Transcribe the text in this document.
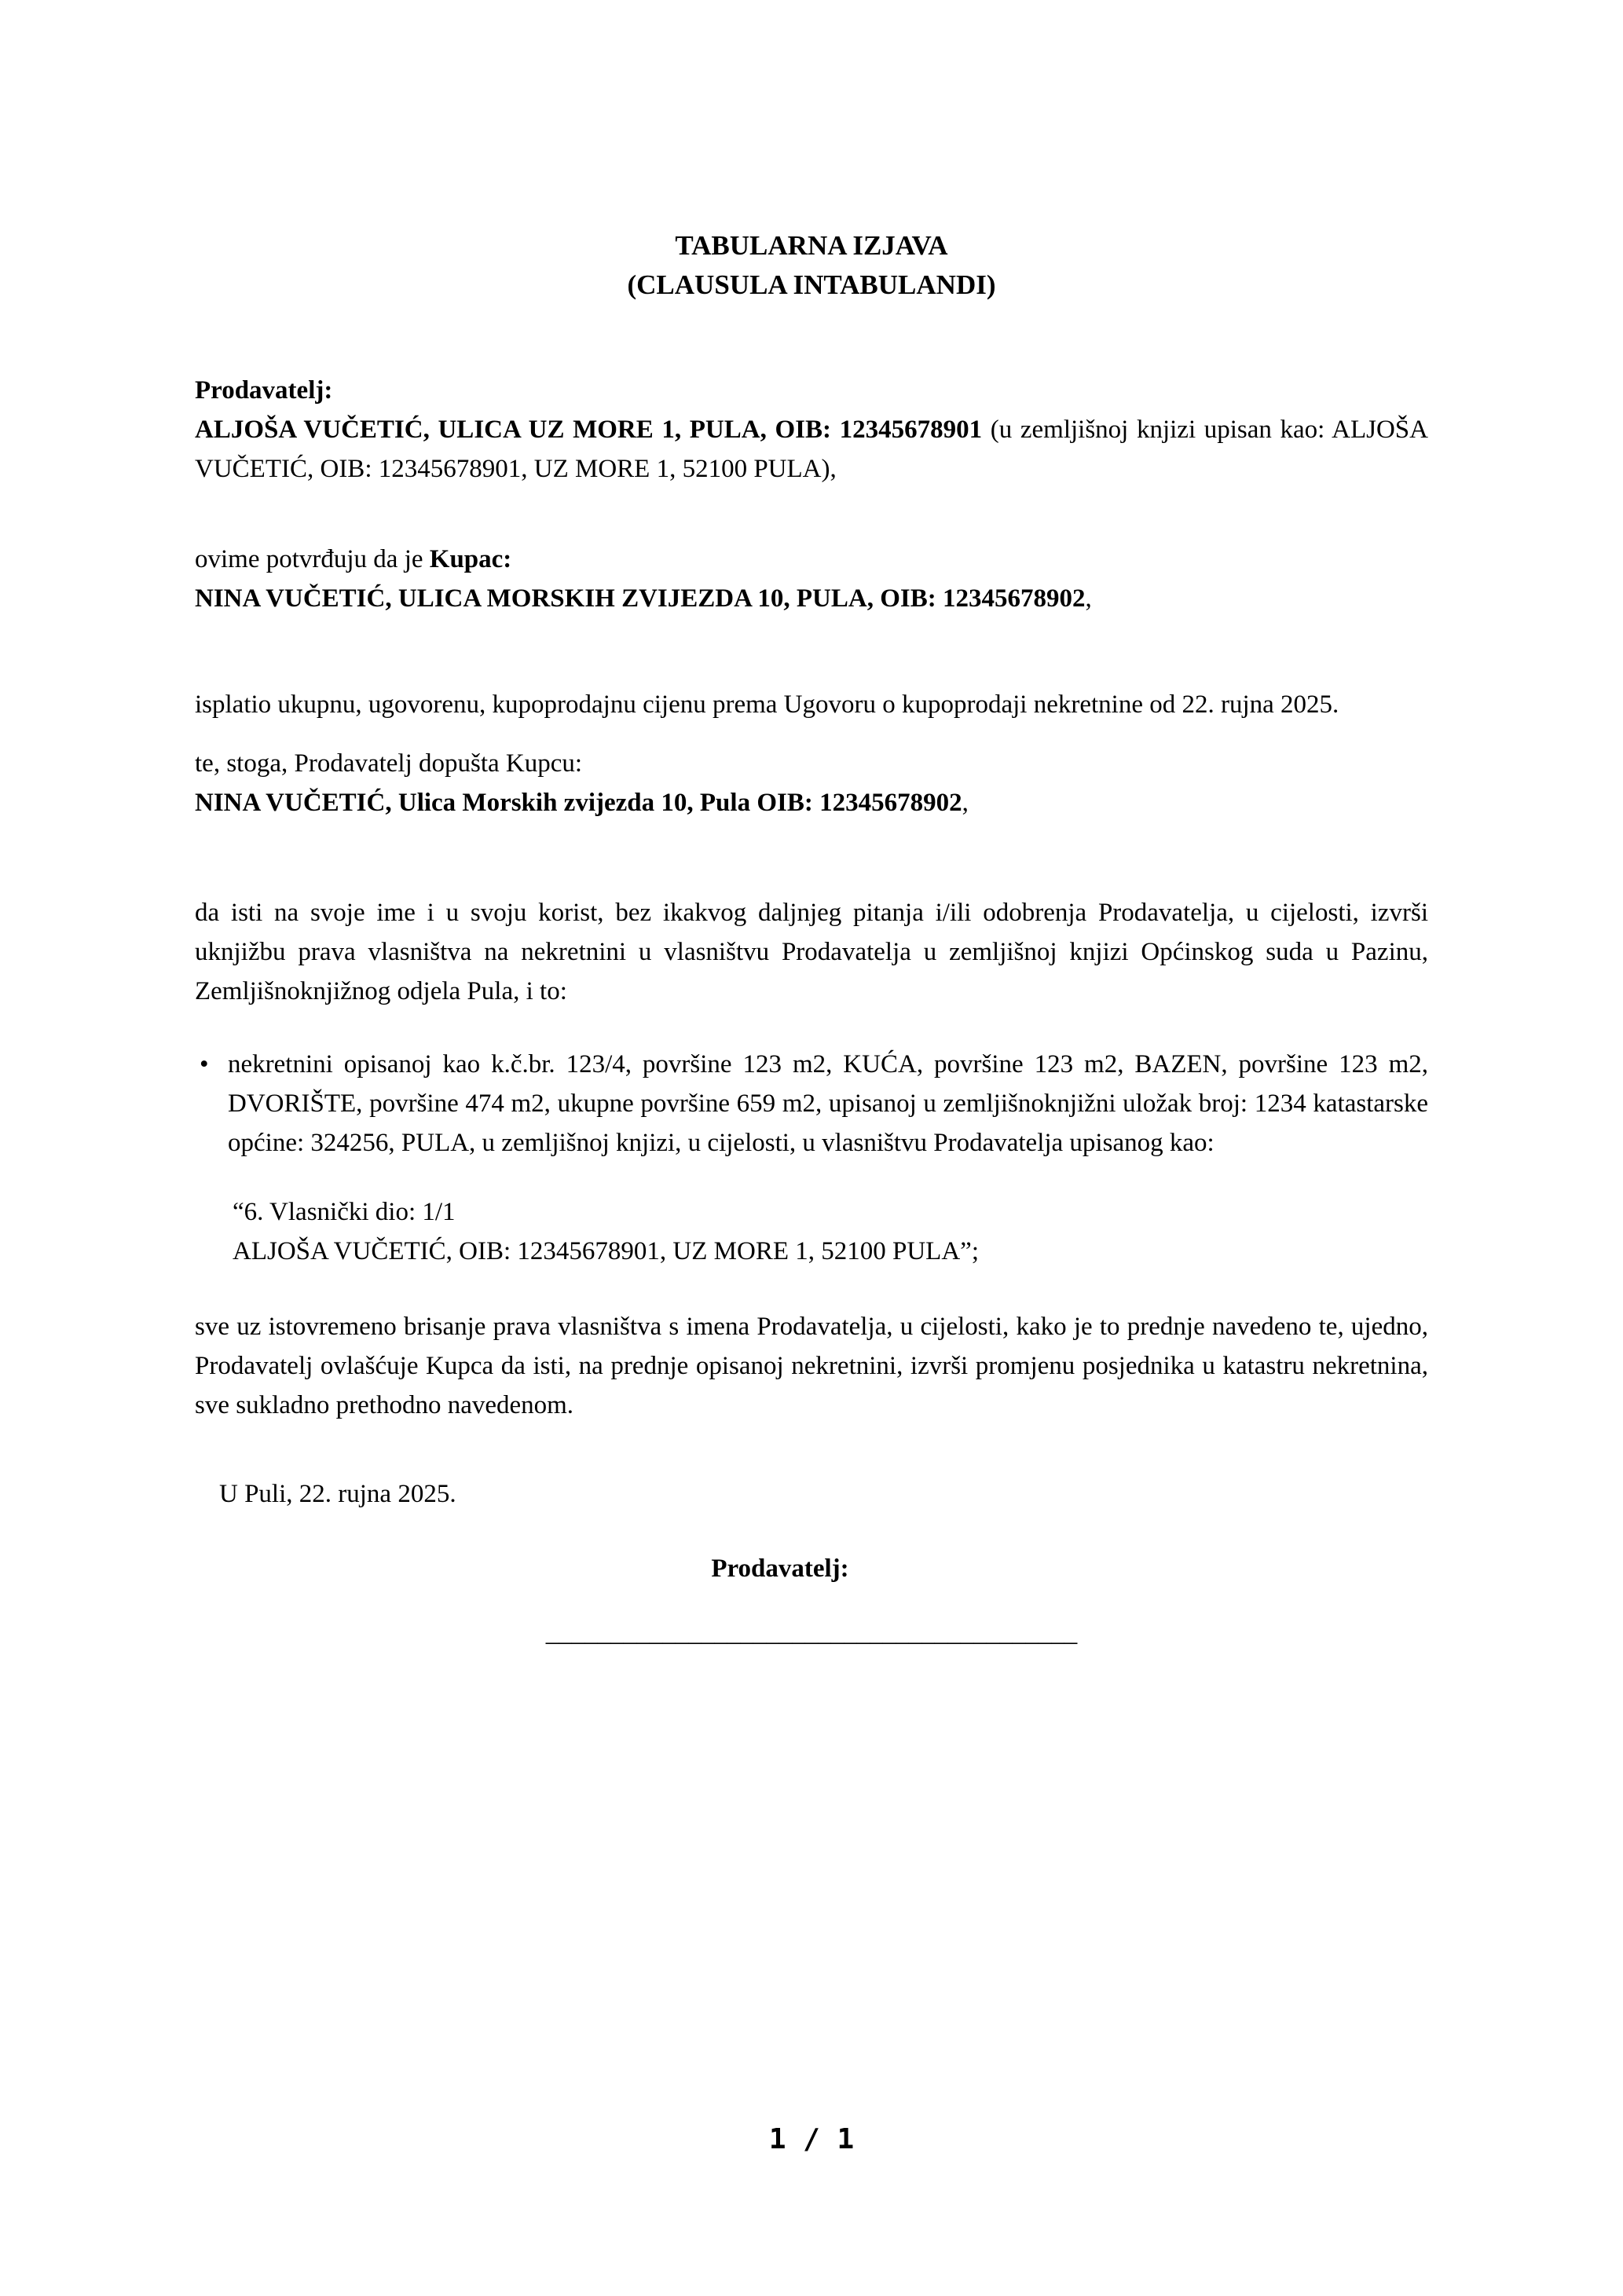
TABULARNA IZJAVA
(CLAUSULA INTABULANDI)

Prodavatelj:
ALJOŠA VUČETIĆ, ULICA UZ MORE 1, PULA, OIB: 12345678901 (u zemljišnoj knjizi upisan kao: ALJOŠA VUČETIĆ, OIB: 12345678901, UZ MORE 1, 52100 PULA),

ovime potvrđuju da je Kupac:
NINA VUČETIĆ, ULICA MORSKIH ZVIJEZDA 10, PULA, OIB: 12345678902,

isplatio ukupnu, ugovorenu, kupoprodajnu cijenu prema Ugovoru o kupoprodaji nekretnine od 22. rujna 2025.

te, stoga, Prodavatelj dopušta Kupcu:
NINA VUČETIĆ, Ulica Morskih zvijezda 10, Pula OIB: 12345678902,

da isti na svoje ime i u svoju korist, bez ikakvog daljnjeg pitanja i/ili odobrenja Prodavatelja, u cijelosti, izvrši uknjižbu prava vlasništva na nekretnini u vlasništvu Prodavatelja u zemljišnoj knjizi Općinskog suda u Pazinu, Zemljišnoknjižnog odjela Pula, i to:

• nekretnini opisanoj kao k.č.br. 123/4, površine 123 m2, KUĆA, površine 123 m2, BAZEN, površine 123 m2, DVORIŠTE, površine 474 m2, ukupne površine 659 m2, upisanoj u zemljišnoknjižni uložak broj: 1234 katastarske općine: 324256, PULA, u zemljišnoj knjizi, u cijelosti, u vlasništvu Prodavatelja upisanog kao:

“6. Vlasnički dio: 1/1
ALJOŠA VUČETIĆ, OIB: 12345678901, UZ MORE 1, 52100 PULA”;

sve uz istovremeno brisanje prava vlasništva s imena Prodavatelja, u cijelosti, kako je to prednje navedeno te, ujedno, Prodavatelj ovlašćuje Kupca da isti, na prednje opisanoj nekretnini, izvrši promjenu posjednika u katastru nekretnina, sve sukladno prethodno navedenom.

U Puli, 22. rujna 2025.

Prodavatelj:

_________________________________________

1 / 1
